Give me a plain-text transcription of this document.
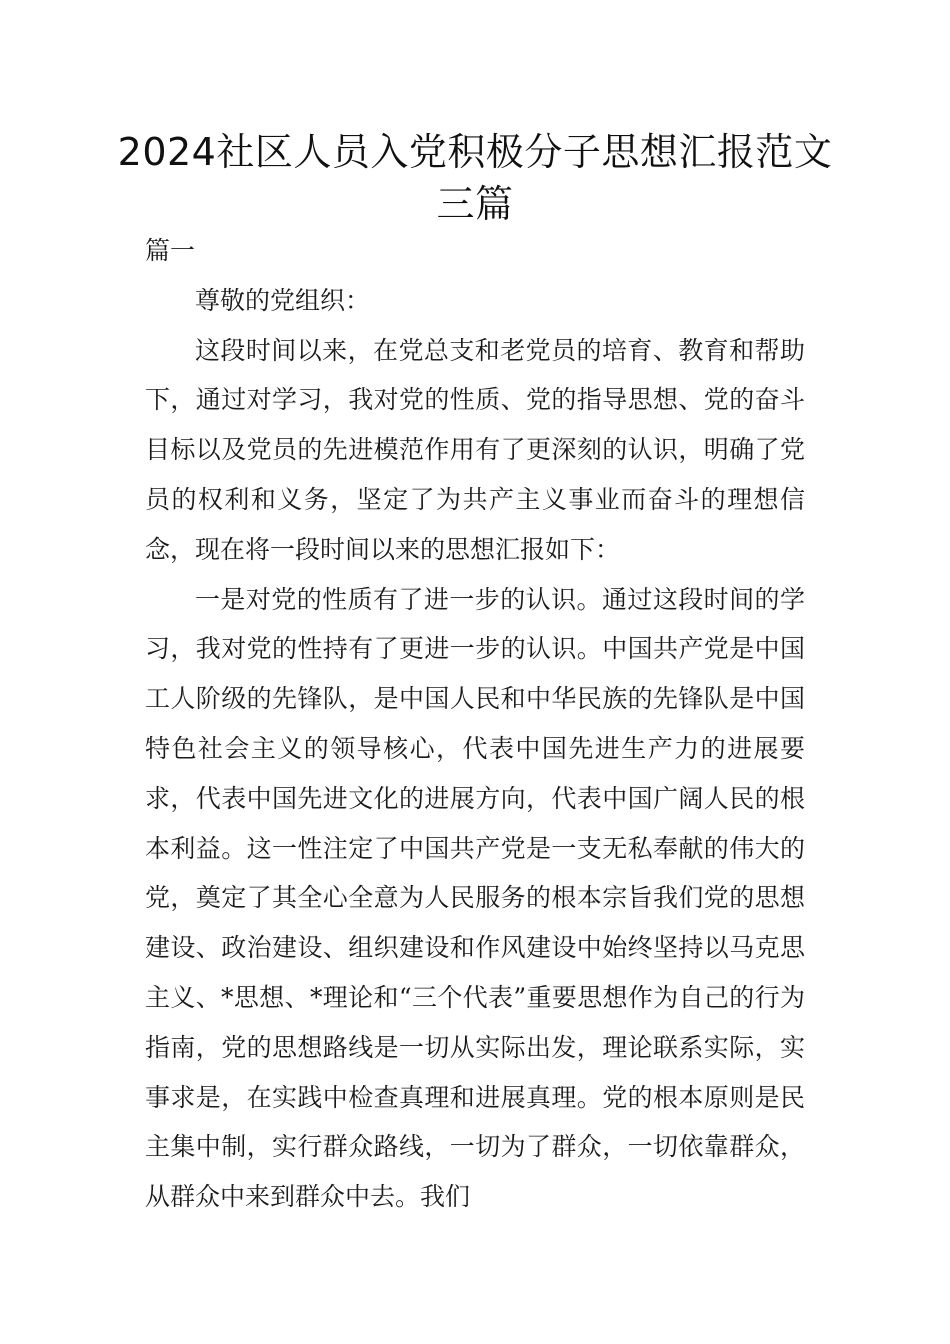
2024社区人员入党积极分子思想汇报范文三篇

篇一

尊敬的党组织：

这段时间以来，在党总支和老党员的培育、教育和帮助下，通过对学习，我对党的性质、党的指导思想、党的奋斗目标以及党员的先进模范作用有了更深刻的认识，明确了党员的权利和义务，坚定了为共产主义事业而奋斗的理想信念，现在将一段时间以来的思想汇报如下：

一是对党的性质有了进一步的认识。通过这段时间的学习，我对党的性持有了更进一步的认识。中国共产党是中国工人阶级的先锋队，是中国人民和中华民族的先锋队是中国特色社会主义的领导核心，代表中国先进生产力的进展要求，代表中国先进文化的进展方向，代表中国广阔人民的根本利益。这一性注定了中国共产党是一支无私奉献的伟大的党，奠定了其全心全意为人民服务的根本宗旨我们党的思想建设、政治建设、组织建设和作风建设中始终坚持以马克思主义、*思想、*理论和“三个代表”重要思想作为自己的行为指南，党的思想路线是一切从实际出发，理论联系实际，实事求是，在实践中检查真理和进展真理。党的根本原则是民主集中制，实行群众路线，一切为了群众，一切依靠群众，从群众中来到群众中去。我们
